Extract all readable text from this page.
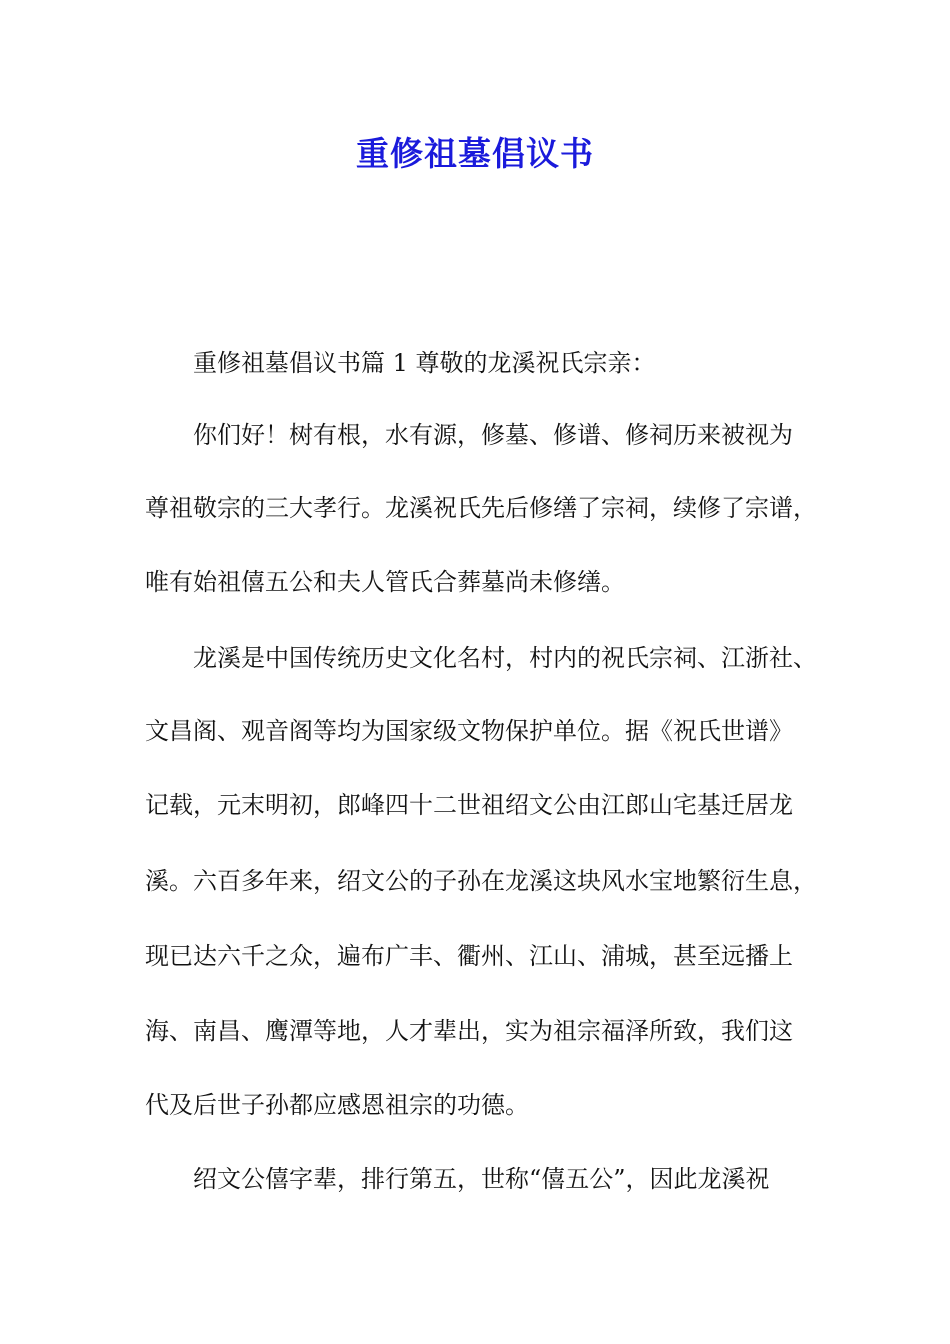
重修祖墓倡议书

重修祖墓倡议书篇 1 尊敬的龙溪祝氏宗亲：

你们好！树有根，水有源，修墓、修谱、修祠历来被视为

尊祖敬宗的三大孝行。龙溪祝氏先后修缮了宗祠，续修了宗谱，

唯有始祖僖五公和夫人管氏合葬墓尚未修缮。

龙溪是中国传统历史文化名村，村内的祝氏宗祠、江浙社、

文昌阁、观音阁等均为国家级文物保护单位。据《祝氏世谱》

记载，元末明初，郎峰四十二世祖绍文公由江郎山宅基迁居龙

溪。六百多年来，绍文公的子孙在龙溪这块风水宝地繁衍生息，

现已达六千之众，遍布广丰、衢州、江山、浦城，甚至远播上

海、南昌、鹰潭等地，人才辈出，实为祖宗福泽所致，我们这

代及后世子孙都应感恩祖宗的功德。

绍文公僖字辈，排行第五，世称“僖五公”，因此龙溪祝
